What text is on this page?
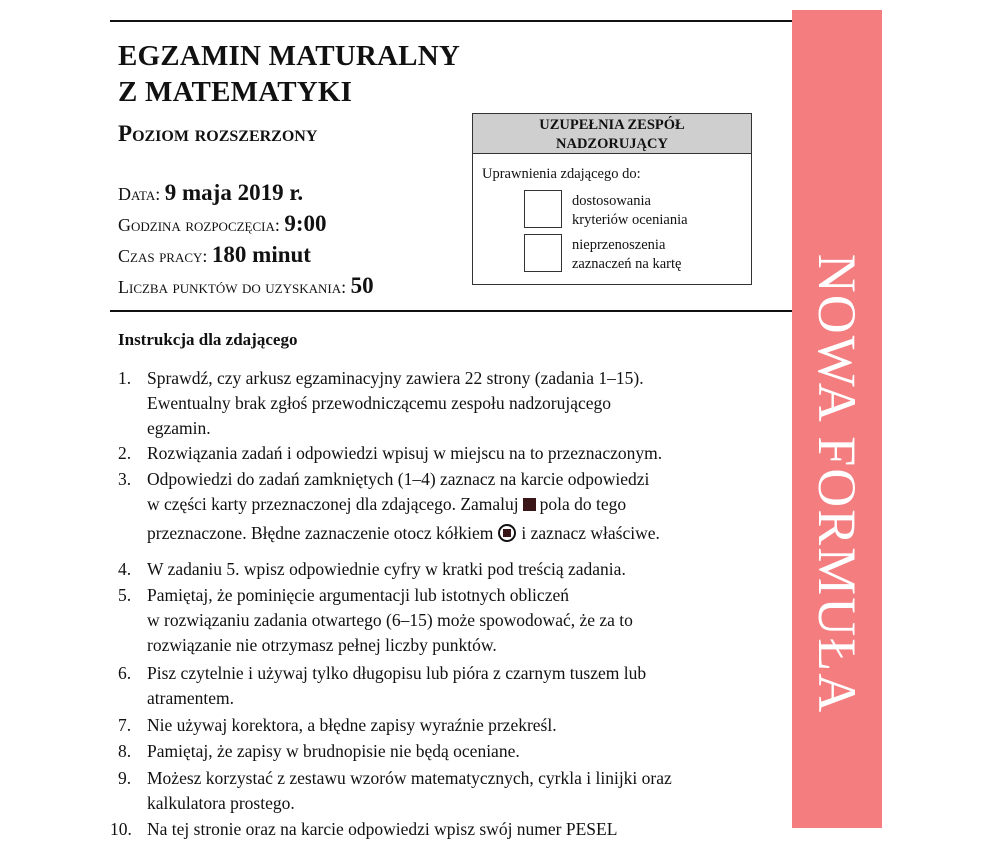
EGZAMIN MATURALNY
Z MATEMATYKI
Poziom rozszerzony
Data: 9 maja 2019 r.
Godzina rozpoczęcia: 9:00
Czas pracy: 180 minut
Liczba punktów do uzyskania: 50
UZUPEŁNIA ZESPÓŁ
NADZORUJĄCY
Uprawnienia zdającego do:
dostosowania
kryteriów oceniania
nieprzenoszenia
zaznaczeń na kartę
Instrukcja dla zdającego
1. Sprawdź, czy arkusz egzaminacyjny zawiera 22 strony (zadania 1–15).
Ewentualny brak zgłoś przewodniczącemu zespołu nadzorującego
egzamin.
2. Rozwiązania zadań i odpowiedzi wpisuj w miejscu na to przeznaczonym.
3. Odpowiedzi do zadań zamkniętych (1–4) zaznacz na karcie odpowiedzi
w części karty przeznaczonej dla zdającego. Zamaluj pola do tego
przeznaczone. Błędne zaznaczenie otocz kółkiem i zaznacz właściwe.
4. W zadaniu 5. wpisz odpowiednie cyfry w kratki pod treścią zadania.
5. Pamiętaj, że pominięcie argumentacji lub istotnych obliczeń
w rozwiązaniu zadania otwartego (6–15) może spowodować, że za to
rozwiązanie nie otrzymasz pełnej liczby punktów.
6. Pisz czytelnie i używaj tylko długopisu lub pióra z czarnym tuszem lub
atramentem.
7. Nie używaj korektora, a błędne zapisy wyraźnie przekreśl.
8. Pamiętaj, że zapisy w brudnopisie nie będą oceniane.
9. Możesz korzystać z zestawu wzorów matematycznych, cyrkla i linijki oraz
kalkulatora prostego.
10. Na tej stronie oraz na karcie odpowiedzi wpisz swój numer PESEL
NOWA FORMUŁA
